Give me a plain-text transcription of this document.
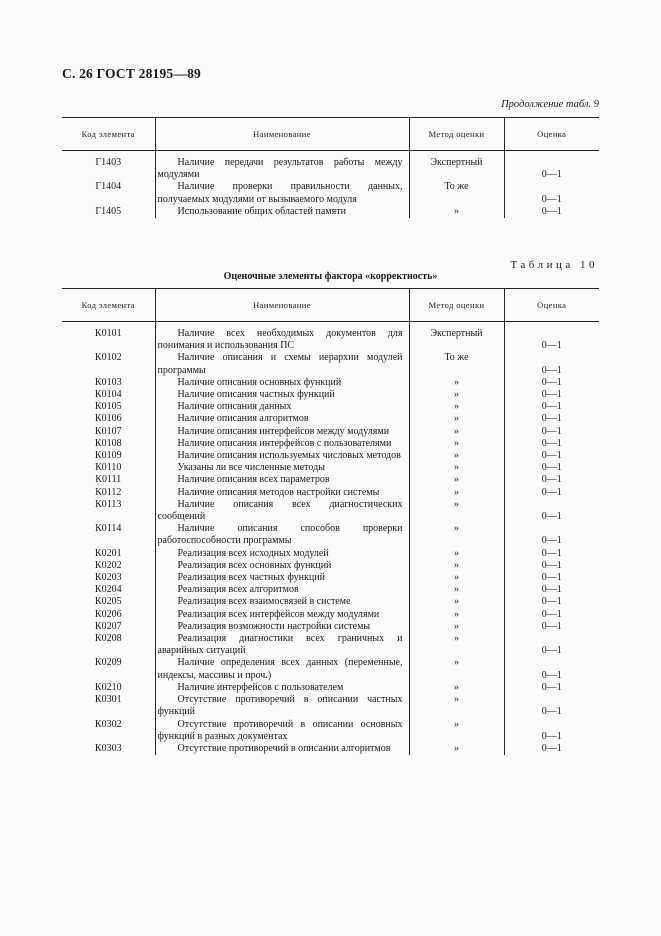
С. 26 ГОСТ 28195—89
Продолжение табл. 9
Код элемента	Наименование	Метод оценки	Оценка
Г1403	Наличие передачи результатов работы между модулями	Экспертный	0—1
Г1404	Наличие проверки правильности данных, получаемых модулями от вызываемого модуля	То же	0—1
Г1405	Использование общих областей памяти	»	0—1
Таблица 10
Оценочные элементы фактора «корректность»
Код элемента	Наименование	Метод оценки	Оценка
К0101	Наличие всех необходимых документов для понимания и использования ПС	Экспертный	0—1
К0102	Наличие описания и схемы иерархии модулей программы	То же	0—1
К0103	Наличие описания основных функций	»	0—1
К0104	Наличие описания частных функций	»	0—1
К0105	Наличие описания данных	»	0—1
К0106	Наличие описания алгоритмов	»	0—1
К0107	Наличие описания интерфейсов между модулями	»	0—1
К0108	Наличие описания интерфейсов с пользователями	»	0—1
К0109	Наличие описания используемых числовых методов	»	0—1
К0110	Указаны ли все численные методы	»	0—1
К0111	Наличие описания всех параметров	»	0—1
К0112	Наличие описания методов настройки системы	»	0—1
К0113	Наличие описания всех диагностических сообщений	»	0—1
К0114	Наличие описания способов проверки работоспособности программы	»	0—1
К0201	Реализация всех исходных модулей	»	0—1
К0202	Реализация всех основных функций	»	0—1
К0203	Реализация всех частных функций	»	0—1
К0204	Реализация всех алгоритмов	»	0—1
К0205	Реализация всех взаимосвязей в системе	»	0—1
К0206	Реализация всех интерфейсов между модулями	»	0—1
К0207	Реализация возможности настройки системы	»	0—1
К0208	Реализация диагностики всех граничных и аварийных ситуаций	»	0—1
К0209	Наличие определения всех данных (переменные, индексы, массивы и проч.)	»	0—1
К0210	Наличие интерфейсов с пользователем	»	0—1
К0301	Отсутствие противоречий в описании частных функций	»	0—1
К0302	Отсутствие противоречий в описании основных функций в разных документах	»	0—1
К0303	Отсутствие противоречий в описании алгоритмов	»	0—1
